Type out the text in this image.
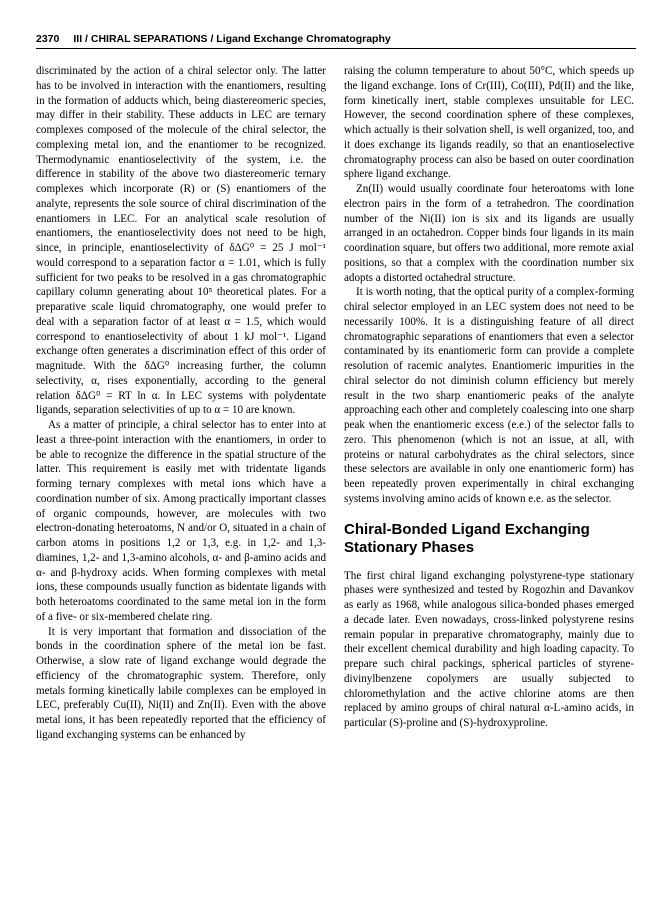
2370 III / CHIRAL SEPARATIONS / Ligand Exchange Chromatography

discriminated by the action of a chiral selector only. The latter has to be involved in interaction with the enantiomers, resulting in the formation of adducts which, being diastereomeric species, may differ in their stability. These adducts in LEC are ternary complexes composed of the molecule of the chiral selector, the complexing metal ion, and the enantiomer to be recognized. Thermodynamic enantioselectivity of the system, i.e. the difference in stability of the above two diastereomeric ternary complexes which incorporate (R) or (S) enantiomers of the analyte, represents the sole source of chiral discrimination of the enantiomers in LEC. For an analytical scale resolution of enantiomers, the enantioselectivity does not need to be high, since, in principle, enantioselectivity of δΔG⁰ = 25 J mol⁻¹ would correspond to a separation factor α = 1.01, which is fully sufficient for two peaks to be resolved in a gas chromatographic capillary column generating about 10⁵ theoretical plates. For a preparative scale liquid chromatography, one would prefer to deal with a separation factor of at least α = 1.5, which would correspond to enantioselectivity of about 1 kJ mol⁻¹. Ligand exchange often generates a discrimination effect of this order of magnitude. With the δΔG⁰ increasing further, the column selectivity, α, rises exponentially, according to the general relation δΔG⁰ = RT ln α. In LEC systems with polydentate ligands, separation selectivities of up to α = 10 are known.

As a matter of principle, a chiral selector has to enter into at least a three-point interaction with the enantiomers, in order to be able to recognize the difference in the spatial structure of the latter. This requirement is easily met with tridentate ligands forming ternary complexes with metal ions which have a coordination number of six. Among practically important classes of organic compounds, however, are molecules with two electron-donating heteroatoms, N and/or O, situated in a chain of carbon atoms in positions 1,2 or 1,3, e.g. in 1,2- and 1,3-diamines, 1,2- and 1,3-amino alcohols, α- and β-amino acids and α- and β-hydroxy acids. When forming complexes with metal ions, these compounds usually function as bidentate ligands with both heteroatoms coordinated to the same metal ion in the form of a five- or six-membered chelate ring.

It is very important that formation and dissociation of the bonds in the coordination sphere of the metal ion be fast. Otherwise, a slow rate of ligand exchange would degrade the efficiency of the chromatographic system. Therefore, only metals forming kinetically labile complexes can be employed in LEC, preferably Cu(II), Ni(II) and Zn(II). Even with the above metal ions, it has been repeatedly reported that the efficiency of ligand exchanging systems can be enhanced by

raising the column temperature to about 50°C, which speeds up the ligand exchange. Ions of Cr(III), Co(III), Pd(II) and the like, form kinetically inert, stable complexes unsuitable for LEC. However, the second coordination sphere of these complexes, which actually is their solvation shell, is well organized, too, and it does exchange its ligands readily, so that an enantioselective chromatography process can also be based on outer coordination sphere ligand exchange.

Zn(II) would usually coordinate four heteroatoms with lone electron pairs in the form of a tetrahedron. The coordination number of the Ni(II) ion is six and its ligands are usually arranged in an octahedron. Copper binds four ligands in its main coordination square, but offers two additional, more remote axial positions, so that a complex with the coordination number six adopts a distorted octahedral structure.

It is worth noting, that the optical purity of a complex-forming chiral selector employed in an LEC system does not need to be necessarily 100%. It is a distinguishing feature of all direct chromatographic separations of enantiomers that even a selector contaminated by its enantiomeric form can provide a complete resolution of racemic analytes. Enantiomeric impurities in the chiral selector do not diminish column efficiency but merely result in the two sharp enantiomeric peaks of the analyte approaching each other and completely coalescing into one sharp peak when the enantiomeric excess (e.e.) of the selector falls to zero. This phenomenon (which is not an issue, at all, with proteins or natural carbohydrates as the chiral selectors, since these selectors are available in only one enantiomeric form) has been repeatedly proven experimentally in chiral exchanging systems involving amino acids of known e.e. as the selector.

Chiral-Bonded Ligand Exchanging Stationary Phases

The first chiral ligand exchanging polystyrene-type stationary phases were synthesized and tested by Rogozhin and Davankov as early as 1968, while analogous silica-bonded phases emerged a decade later. Even nowadays, cross-linked polystyrene resins remain popular in preparative chromatography, mainly due to their excellent chemical durability and high loading capacity. To prepare such chiral packings, spherical particles of styrene-divinylbenzene copolymers are usually subjected to chloromethylation and the active chlorine atoms are then replaced by amino groups of chiral natural α-L-amino acids, in particular (S)-proline and (S)-hydroxyproline.
